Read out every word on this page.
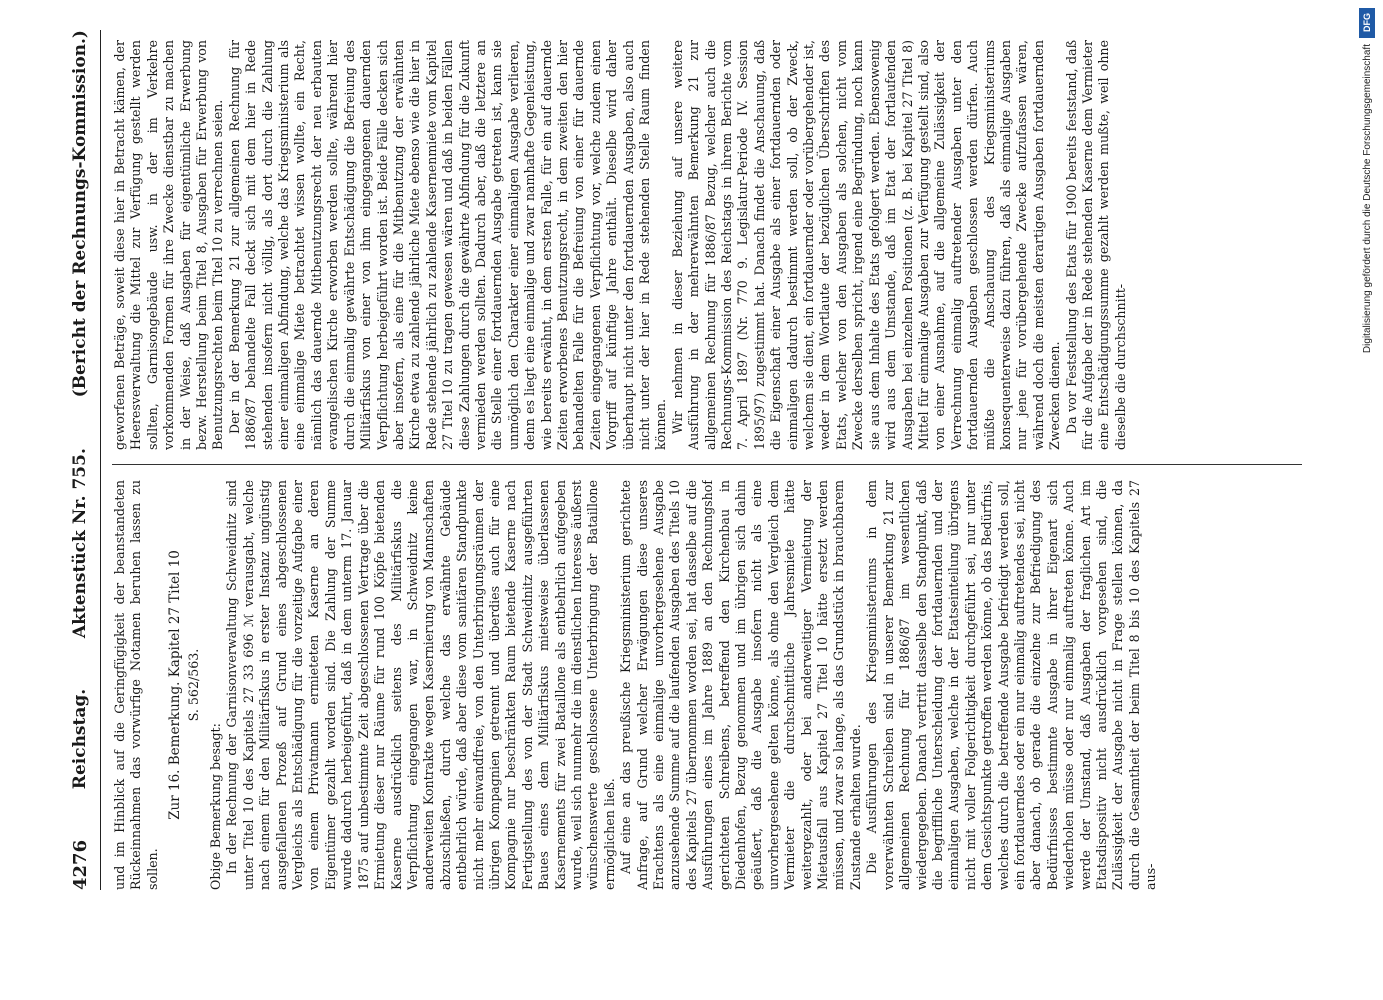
4276
Reichstag.
Aktenstück Nr. 755.
(Bericht der Rechnungs-Kommission.)

und im Hinblick auf die Geringfügigkeit der beanstandeten Rückeinnahmen das vorwürfige Notamen beruhen lassen zu sollen.

Zur 16. Bemerkung. Kapitel 27 Titel 10 S. 562/563.

Obige Bemerkung besagt: In der Rechnung der Garnisonverwaltung Schweidnitz sind unter Titel 10 des Kapitels 27 33 696 ℳ verausgabt, welche nach einem für den Militärfiskus in erster Instanz ungünstig ausgefallenen Prozeß auf Grund eines abgeschlossenen Vergleichs als Entschädigung für die vorzeitige Aufgabe einer von einem Privatmann ermieteten Kaserne an deren Eigentümer gezahlt worden sind. Die Zahlung der Summe wurde dadurch herbeigeführt, daß in dem unterm 17. Januar 1875 auf unbestimmte Zeit abgeschlossenen Vertrage über die Ermietung dieser nur Räume für rund 100 Köpfe bietenden Kaserne ausdrücklich seitens des Militärfiskus die Verpflichtung eingegangen war, in Schweidnitz keine anderweiten Kontrakte wegen Kasernierung von Mannschaften abzuschließen, durch welche das erwähnte Gebäude entbehrlich würde, daß aber diese vom sanitären Standpunkte nicht mehr einwandfreie, von den Unterbringungsräumen der übrigen Kompagnien getrennt und überdies auch für eine Kompagnie nur beschränkten Raum bietende Kaserne nach Fertigstellung des von der Stadt Schweidnitz ausgeführten Baues eines dem Militärfiskus mietsweise überlassenen Kasernements für zwei Bataillone als entbehrlich aufgegeben wurde, weil sich nunmehr die im dienstlichen Interesse äußerst wünschenswerte geschlossene Unterbringung der Bataillone ermöglichen ließ. Auf eine an das preußische Kriegsministerium gerichtete Anfrage, auf Grund welcher Erwägungen diese unseres Erachtens als eine einmalige unvorhergesehene Ausgabe anzusehende Summe auf die laufenden Ausgaben des Titels 10 des Kapitels 27 übernommen worden sei, hat dasselbe auf die Ausführungen eines im Jahre 1889 an den Rechnungshof gerichteten Schreibens, betreffend den Kirchenbau in Diedenhofen, Bezug genommen und im übrigen sich dahin geäußert, daß die Ausgabe insofern nicht als eine unvorhergesehene gelten könne, als ohne den Vergleich dem Vermieter die durchschnittliche Jahresmiete hätte weitergezahlt, oder bei anderweitiger Vermietung der Mietausfall aus Kapitel 27 Titel 10 hätte ersetzt werden müssen, und zwar so lange, als das Grundstück in brauchbarem Zustande erhalten wurde. Die Ausführungen des Kriegsministeriums in dem vorerwähnten Schreiben sind in unserer Bemerkung 21 zur allgemeinen Rechnung für 1886/87 im wesentlichen wiedergegeben. Danach vertritt dasselbe den Standpunkt, daß die begriffliche Unterscheidung der fortdauernden und der einmaligen Ausgaben, welche in der Etatseinteilung übrigens nicht mit voller Folgerichtigkeit durchgeführt sei, nur unter dem Gesichtspunkte getroffen werden könne, ob das Bedürfnis, welches durch die betreffende Ausgabe befriedigt werden soll, ein fortdauerndes oder ein nur einmalig auftretendes sei, nicht aber danach, ob gerade die einzelne zur Befriedigung des Bedürfnisses bestimmte Ausgabe in ihrer Eigenart sich wiederholen müsse oder nur einmalig auftreten könne. Auch werde der Umstand, daß Ausgaben der fraglichen Art im Etatsdispositiv nicht ausdrücklich vorgesehen sind, die Zulässigkeit der Ausgabe nicht in Frage stellen können, da durch die Gesamtheit der beim Titel 8 bis 10 des Kapitels 27 aus-

geworfenen Beträge, soweit diese hier in Betracht kämen, der Heeresverwaltung die Mittel zur Verfügung gestellt werden sollten, Garnisongebäude usw. in der im Verkehre vorkommenden Formen für ihre Zwecke dienstbar zu machen in der Weise, daß Ausgaben für eigentümliche Erwerbung bezw. Herstellung beim Titel 8, Ausgaben für Erwerbung von Benutzungsrechten beim Titel 10 zu verrechnen seien. Der in der Bemerkung 21 zur allgemeinen Rechnung für 1886/87 behandelte Fall deckt sich mit dem hier in Rede stehenden insofern nicht völlig, als dort durch die Zahlung einer einmaligen Abfindung, welche das Kriegsministerium als eine einmalige Miete betrachtet wissen wollte, ein Recht, nämlich das dauernde Mitbenutzungsrecht der neu erbauten evangelischen Kirche erworben werden sollte, während hier durch die einmalig gewährte Entschädigung die Befreiung des Militärfiskus von einer von ihm eingegangenen dauernden Verpflichtung herbeigeführt worden ist. Beide Fälle decken sich aber insofern, als eine für die Mitbenutzung der erwähnten Kirche etwa zu zahlende jährliche Miete ebenso wie die hier in Rede stehende jährlich zu zahlende Kasernenmiete vom Kapitel 27 Titel 10 zu tragen gewesen wären und daß in beiden Fällen diese Zahlungen durch die gewährte Abfindung für die Zukunft vermieden werden sollten. Dadurch aber, daß die letztere an die Stelle einer fortdauernden Ausgabe getreten ist, kann sie unmöglich den Charakter einer einmaligen Ausgabe verlieren, denn es liegt eine einmalige und zwar namhafte Gegenleistung, wie bereits erwähnt, in dem ersten Falle, für ein auf dauernde Zeiten erworbenes Benutzungsrecht, in dem zweiten den hier behandelten Falle für die Befreiung von einer für dauernde Zeiten eingegangenen Verpflichtung vor, welche zudem einen Vorgriff auf künftige Jahre enthält. Dieselbe wird daher überhaupt nicht unter den fortdauernden Ausgaben, also auch nicht unter der hier in Rede stehenden Stelle Raum finden können. Wir nehmen in dieser Beziehung auf unsere weitere Ausführung in der mehrerwähnten Bemerkung 21 zur allgemeinen Rechnung für 1886/87 Bezug, welcher auch die Rechnungs-Kommission des Reichstags in ihrem Berichte vom 7. April 1897 (Nr. 770 9. Legislatur-Periode IV. Session 1895/97) zugestimmt hat. Danach findet die Anschauung, daß die Eigenschaft einer Ausgabe als einer fortdauernden oder einmaligen dadurch bestimmt werden soll, ob der Zweck, welchem sie dient, ein fortdauernder oder vorübergehender ist, weder in dem Wortlaute der bezüglichen Überschriften des Etats, welcher von den Ausgaben als solchen, nicht vom Zwecke derselben spricht, irgend eine Begründung, noch kann sie aus dem Inhalte des Etats gefolgert werden. Ebensowenig wird aus dem Umstande, daß im Etat der fortlaufenden Ausgaben bei einzelnen Positionen (z. B. bei Kapitel 27 Titel 8) Mittel für einmalige Ausgaben zur Verfügung gestellt sind, also von einer Ausnahme, auf die allgemeine Zulässigkeit der Verrechnung einmalig auftretender Ausgaben unter den fortdauernden Ausgaben geschlossen werden dürfen. Auch müßte die Anschauung des Kriegsministeriums konsequenterweise dazu führen, daß als einmalige Ausgaben nur jene für vorübergehende Zwecke aufzufassen wären, während doch die meisten derartigen Ausgaben fortdauernden Zwecken dienen. Da vor Feststellung des Etats für 1900 bereits feststand, daß für die Aufgabe der in Rede stehenden Kaserne dem Vermieter eine Entschädigungssumme gezahlt werden mußte, weil ohne dieselbe die durchschnitt-

DFG
Digitalisierung gefördert durch die Deutsche Forschungsgemeinschaft
